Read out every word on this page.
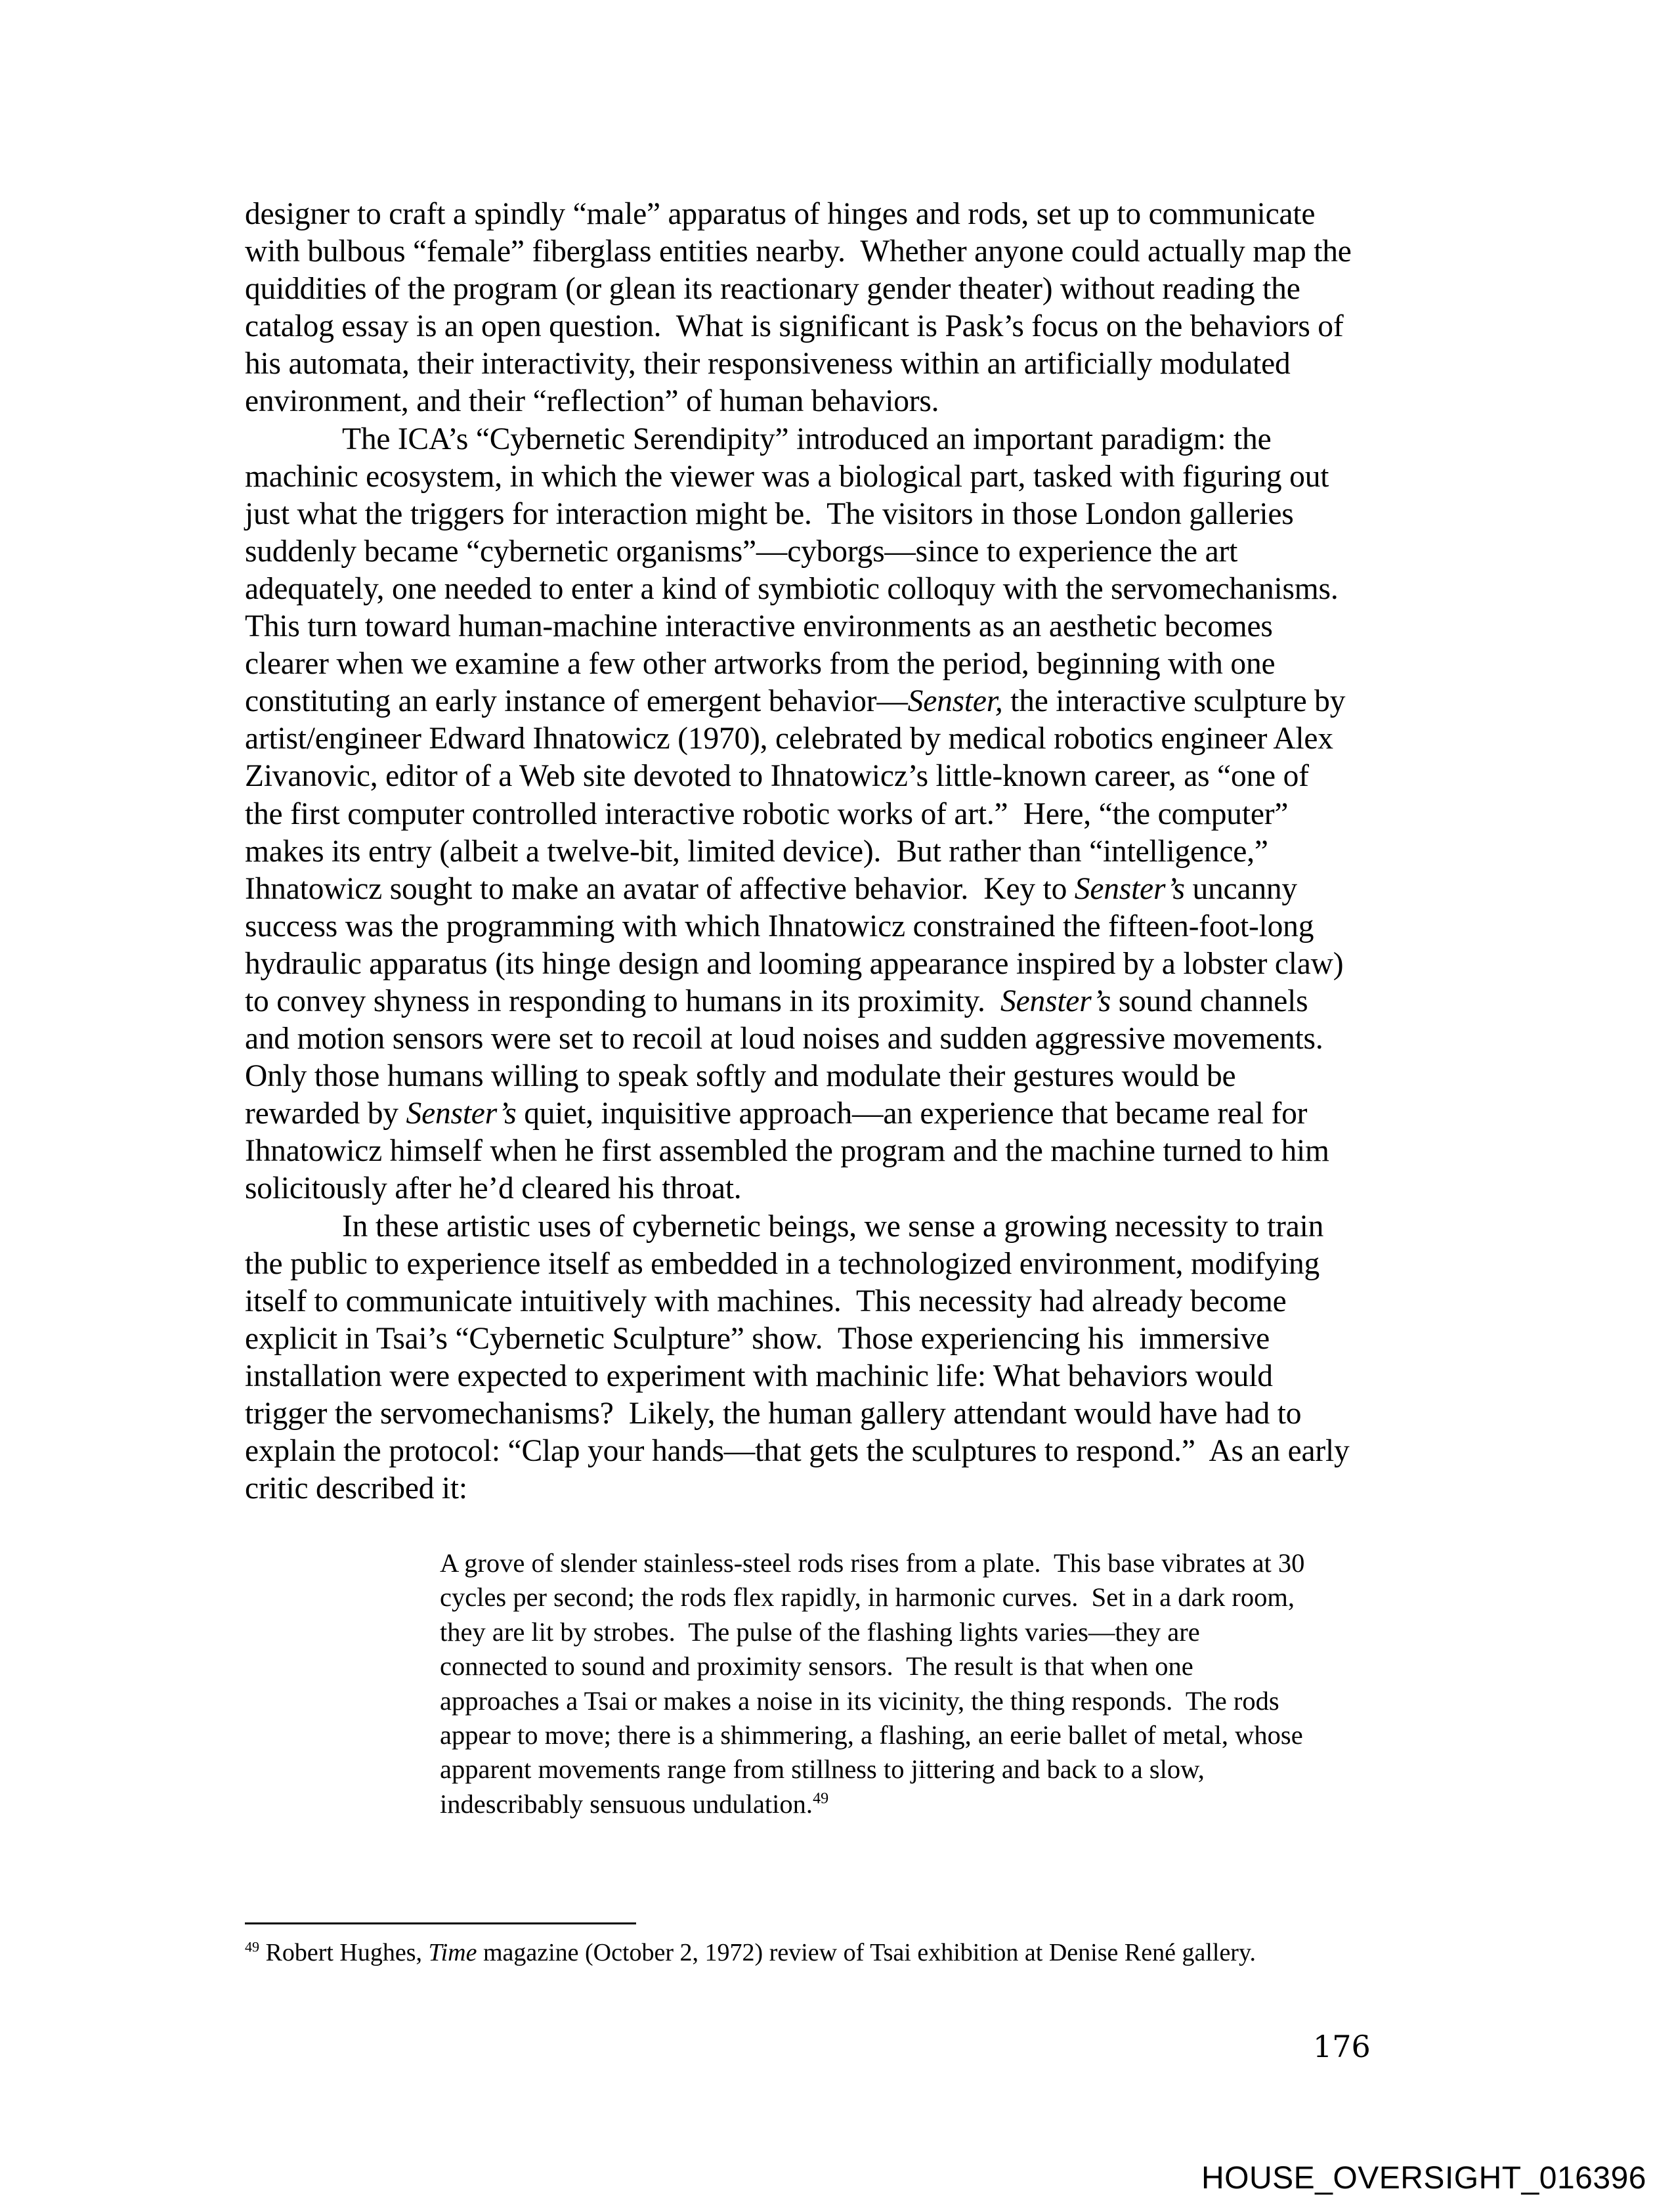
designer to craft a spindly “male” apparatus of hinges and rods, set up to communicate
with bulbous “female” fiberglass entities nearby.  Whether anyone could actually map the
quiddities of the program (or glean its reactionary gender theater) without reading the
catalog essay is an open question.  What is significant is Pask’s focus on the behaviors of
his automata, their interactivity, their responsiveness within an artificially modulated
environment, and their “reflection” of human behaviors.
The ICA’s “Cybernetic Serendipity” introduced an important paradigm: the
machinic ecosystem, in which the viewer was a biological part, tasked with figuring out
just what the triggers for interaction might be.  The visitors in those London galleries
suddenly became “cybernetic organisms”—cyborgs—since to experience the art
adequately, one needed to enter a kind of symbiotic colloquy with the servomechanisms.
This turn toward human-machine interactive environments as an aesthetic becomes
clearer when we examine a few other artworks from the period, beginning with one
constituting an early instance of emergent behavior—Senster, the interactive sculpture by
artist/engineer Edward Ihnatowicz (1970), celebrated by medical robotics engineer Alex
Zivanovic, editor of a Web site devoted to Ihnatowicz’s little-known career, as “one of
the first computer controlled interactive robotic works of art.”  Here, “the computer”
makes its entry (albeit a twelve-bit, limited device).  But rather than “intelligence,”
Ihnatowicz sought to make an avatar of affective behavior.  Key to Senster’s uncanny
success was the programming with which Ihnatowicz constrained the fifteen-foot-long
hydraulic apparatus (its hinge design and looming appearance inspired by a lobster claw)
to convey shyness in responding to humans in its proximity.  Senster’s sound channels
and motion sensors were set to recoil at loud noises and sudden aggressive movements.
Only those humans willing to speak softly and modulate their gestures would be
rewarded by Senster’s quiet, inquisitive approach—an experience that became real for
Ihnatowicz himself when he first assembled the program and the machine turned to him
solicitously after he’d cleared his throat.
In these artistic uses of cybernetic beings, we sense a growing necessity to train
the public to experience itself as embedded in a technologized environment, modifying
itself to communicate intuitively with machines.  This necessity had already become
explicit in Tsai’s “Cybernetic Sculpture” show.  Those experiencing his  immersive
installation were expected to experiment with machinic life: What behaviors would
trigger the servomechanisms?  Likely, the human gallery attendant would have had to
explain the protocol: “Clap your hands—that gets the sculptures to respond.”  As an early
critic described it:
A grove of slender stainless-steel rods rises from a plate.  This base vibrates at 30
cycles per second; the rods flex rapidly, in harmonic curves.  Set in a dark room,
they are lit by strobes.  The pulse of the flashing lights varies—they are
connected to sound and proximity sensors.  The result is that when one
approaches a Tsai or makes a noise in its vicinity, the thing responds.  The rods
appear to move; there is a shimmering, a flashing, an eerie ballet of metal, whose
apparent movements range from stillness to jittering and back to a slow,
indescribably sensuous undulation.$^{49}$
$^{49}$ Robert Hughes, Time magazine (October 2, 1972) review of Tsai exhibition at Denise René gallery.
176
HOUSE_OVERSIGHT_016396
